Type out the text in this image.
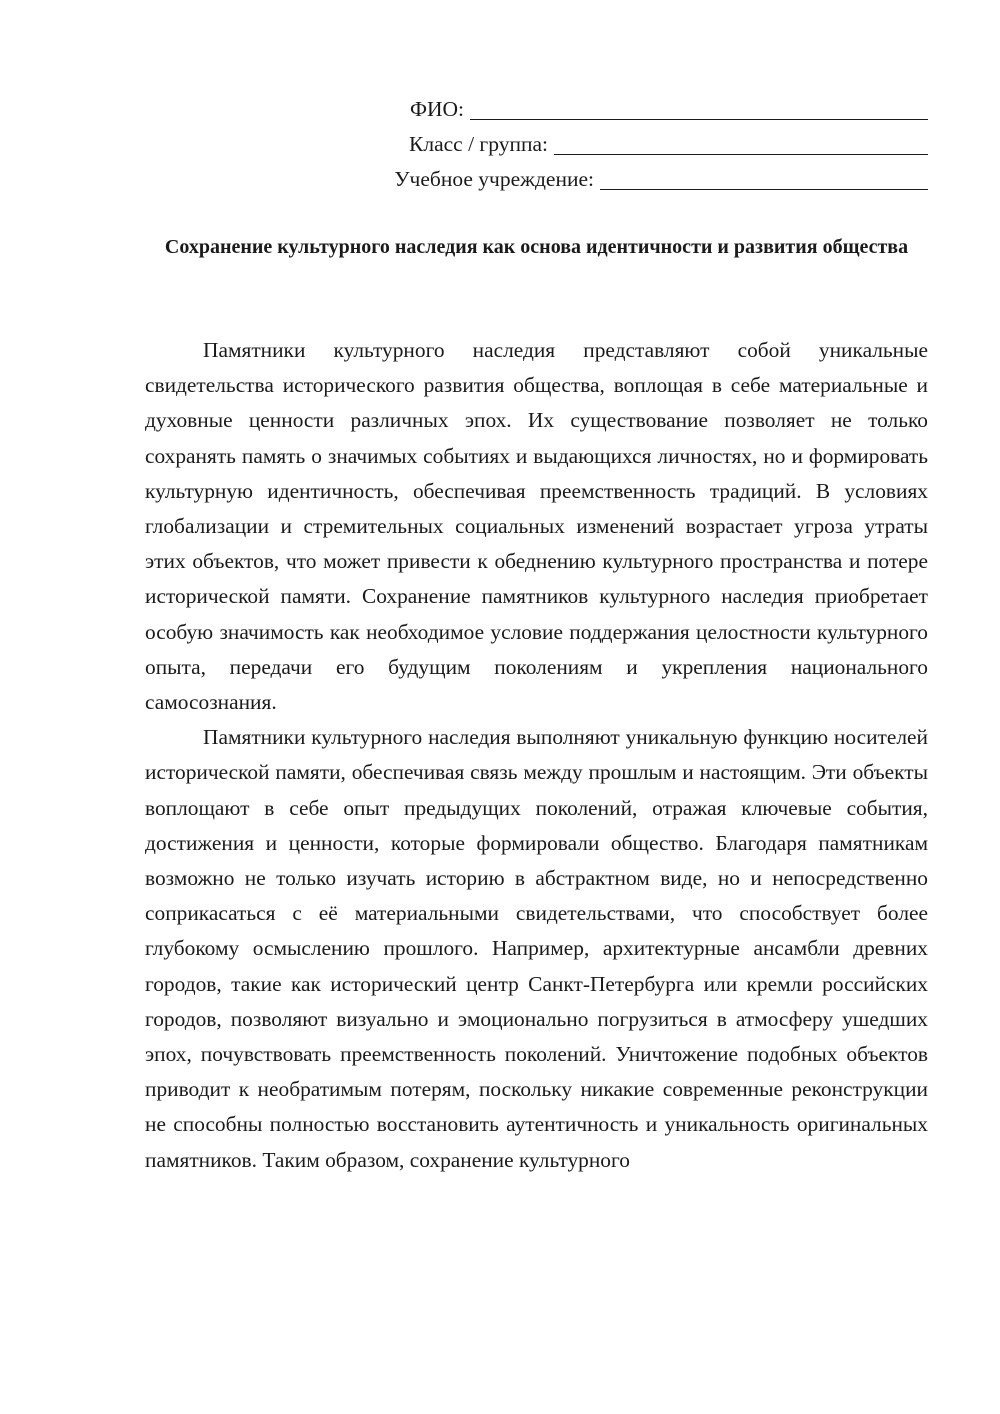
ФИО:
Класс / группа:
Учебное учреждение:
Сохранение культурного наследия как основа идентичности и развития общества

Памятники культурного наследия представляют собой уникальные свидетельства исторического развития общества, воплощая в себе материальные и духовные ценности различных эпох. Их существование позволяет не только сохранять память о значимых событиях и выдающихся личностях, но и формировать культурную идентичность, обеспечивая преемственность традиций. В условиях глобализации и стремительных социальных изменений возрастает угроза утраты этих объектов, что может привести к обеднению культурного пространства и потере исторической памяти. Сохранение памятников культурного наследия приобретает особую значимость как необходимое условие поддержания целостности культурного опыта, передачи его будущим поколениям и укрепления национального самосознания.

Памятники культурного наследия выполняют уникальную функцию носителей исторической памяти, обеспечивая связь между прошлым и настоящим. Эти объекты воплощают в себе опыт предыдущих поколений, отражая ключевые события, достижения и ценности, которые формировали общество. Благодаря памятникам возможно не только изучать историю в абстрактном виде, но и непосредственно соприкасаться с её материальными свидетельствами, что способствует более глубокому осмыслению прошлого. Например, архитектурные ансамбли древних городов, такие как исторический центр Санкт-Петербурга или кремли российских городов, позволяют визуально и эмоционально погрузиться в атмосферу ушедших эпох, почувствовать преемственность поколений. Уничтожение подобных объектов приводит к необратимым потерям, поскольку никакие современные реконструкции не способны полностью восстановить аутентичность и уникальность оригинальных памятников. Таким образом, сохранение культурного
